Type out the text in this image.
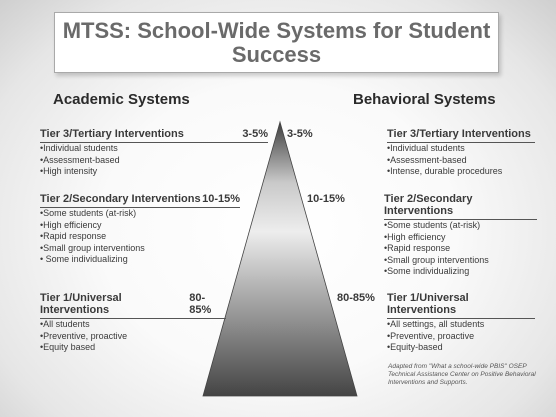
MTSS: School-Wide Systems for Student
Success
Academic Systems	Behavioral Systems
Tier 3/Tertiary Interventions	3-5%
•Individual students
•Assessment-based
•High intensity
Tier 2/Secondary Interventions 10-15%
•Some students (at-risk)
•High efficiency
•Rapid response
•Small group interventions
• Some individualizing
Tier 1/Universal Interventions
80-85%
•All students
•Preventive, proactive
•Equity based
3-5%	Tier 3/Tertiary Interventions
•Individual students
•Assessment-based
•Intense, durable procedures
10-15%	Tier 2/Secondary Interventions
•Some students (at-risk)
•High efficiency
•Rapid response
•Small group interventions
•Some individualizing
80-85% Tier 1/Universal Interventions
•All settings, all students
•Preventive, proactive
•Equity-based
Adapted from "What a school-wide PBIS" OSEP Technical Assistance Center on Positive Behavioral Interventions and Supports.
